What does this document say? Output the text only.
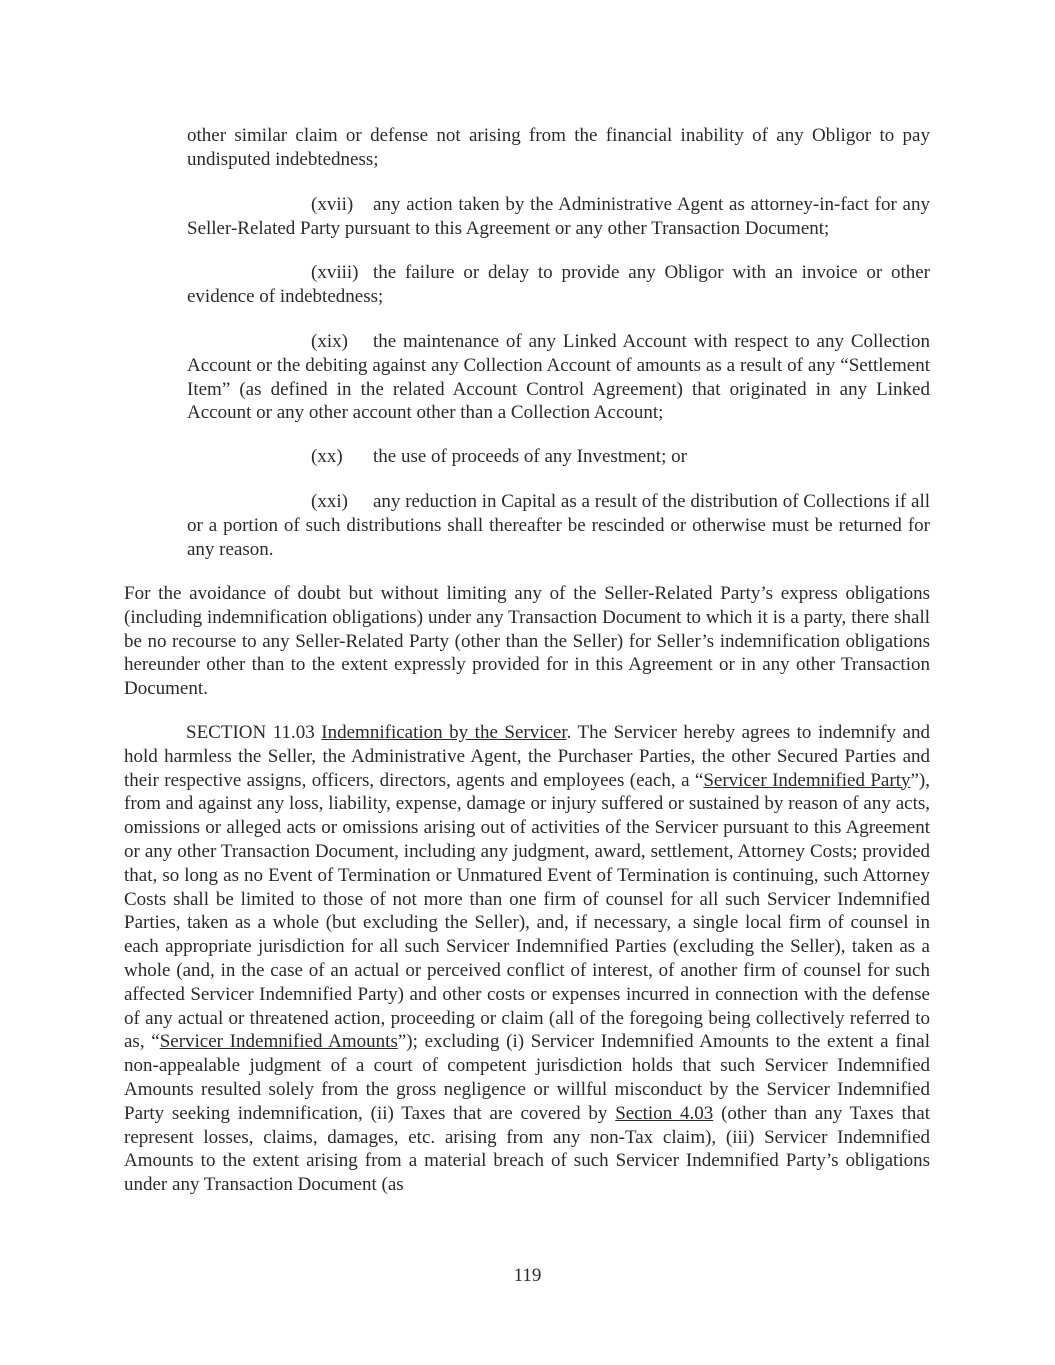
other similar claim or defense not arising from the financial inability of any Obligor to pay undisputed indebtedness;
(xvii) any action taken by the Administrative Agent as attorney-in-fact for any Seller-Related Party pursuant to this Agreement or any other Transaction Document;
(xviii) the failure or delay to provide any Obligor with an invoice or other evidence of indebtedness;
(xix) the maintenance of any Linked Account with respect to any Collection Account or the debiting against any Collection Account of amounts as a result of any “Settlement Item” (as defined in the related Account Control Agreement) that originated in any Linked Account or any other account other than a Collection Account;
(xx) the use of proceeds of any Investment; or
(xxi) any reduction in Capital as a result of the distribution of Collections if all or a portion of such distributions shall thereafter be rescinded or otherwise must be returned for any reason.
For the avoidance of doubt but without limiting any of the Seller-Related Party’s express obligations (including indemnification obligations) under any Transaction Document to which it is a party, there shall be no recourse to any Seller-Related Party (other than the Seller) for Seller’s indemnification obligations hereunder other than to the extent expressly provided for in this Agreement or in any other Transaction Document.
SECTION 11.03 Indemnification by the Servicer. The Servicer hereby agrees to indemnify and hold harmless the Seller, the Administrative Agent, the Purchaser Parties, the other Secured Parties and their respective assigns, officers, directors, agents and employees (each, a “Servicer Indemnified Party”), from and against any loss, liability, expense, damage or injury suffered or sustained by reason of any acts, omissions or alleged acts or omissions arising out of activities of the Servicer pursuant to this Agreement or any other Transaction Document, including any judgment, award, settlement, Attorney Costs; provided that, so long as no Event of Termination or Unmatured Event of Termination is continuing, such Attorney Costs shall be limited to those of not more than one firm of counsel for all such Servicer Indemnified Parties, taken as a whole (but excluding the Seller), and, if necessary, a single local firm of counsel in each appropriate jurisdiction for all such Servicer Indemnified Parties (excluding the Seller), taken as a whole (and, in the case of an actual or perceived conflict of interest, of another firm of counsel for such affected Servicer Indemnified Party) and other costs or expenses incurred in connection with the defense of any actual or threatened action, proceeding or claim (all of the foregoing being collectively referred to as, “Servicer Indemnified Amounts”); excluding (i) Servicer Indemnified Amounts to the extent a final non-appealable judgment of a court of competent jurisdiction holds that such Servicer Indemnified Amounts resulted solely from the gross negligence or willful misconduct by the Servicer Indemnified Party seeking indemnification, (ii) Taxes that are covered by Section 4.03 (other than any Taxes that represent losses, claims, damages, etc. arising from any non-Tax claim), (iii) Servicer Indemnified Amounts to the extent arising from a material breach of such Servicer Indemnified Party’s obligations under any Transaction Document (as
119
